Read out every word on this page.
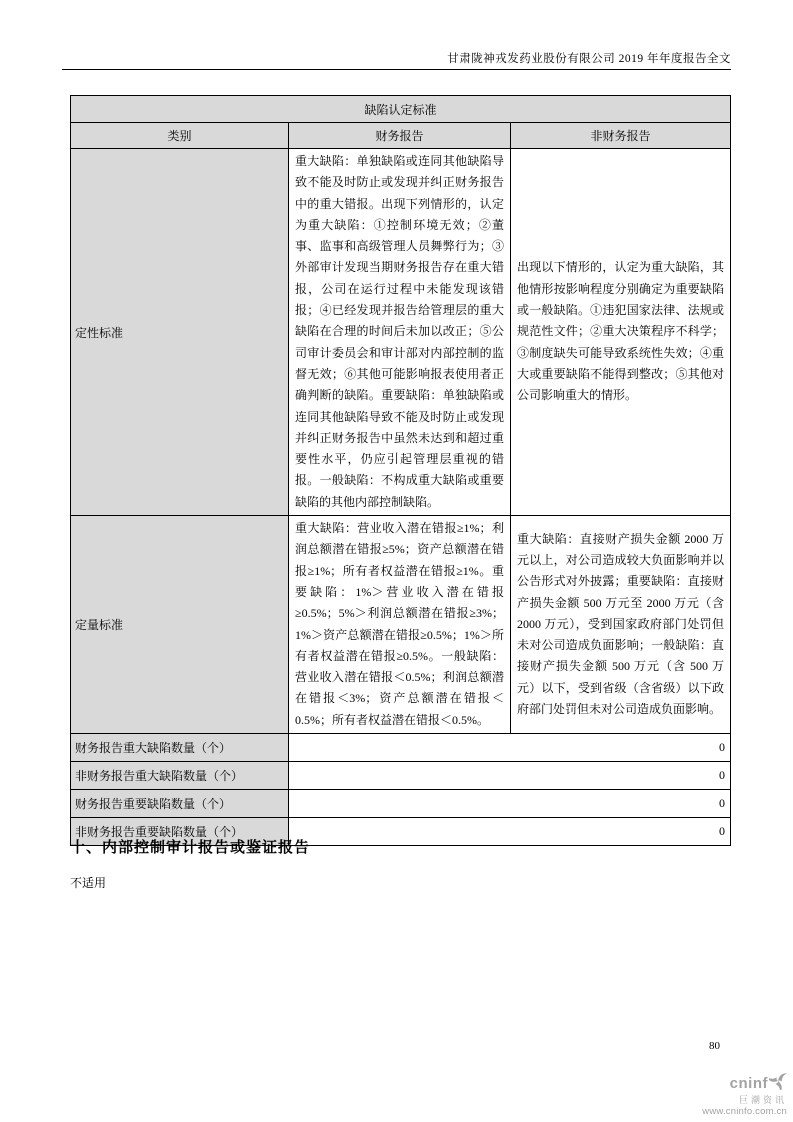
甘肃陇神戎发药业股份有限公司 2019 年年度报告全文
缺陷认定标准		
类别	财务报告	非财务报告
定性标准	重大缺陷：单独缺陷或连同其他缺陷导致不能及时防止或发现并纠正财务报告中的重大错报。出现下列情形的，认定为重大缺陷：①控制环境无效；②董事、监事和高级管理人员舞弊行为；③外部审计发现当期财务报告存在重大错报，公司在运行过程中未能发现该错报；④已经发现并报告给管理层的重大缺陷在合理的时间后未加以改正；⑤公司审计委员会和审计部对内部控制的监督无效；⑥其他可能影响报表使用者正确判断的缺陷。重要缺陷：单独缺陷或连同其他缺陷导致不能及时防止或发现并纠正财务报告中虽然未达到和超过重要性水平，仍应引起管理层重视的错报。一般缺陷：不构成重大缺陷或重要缺陷的其他内部控制缺陷。	出现以下情形的，认定为重大缺陷，其他情形按影响程度分别确定为重要缺陷或一般缺陷。①违犯国家法律、法规或规范性文件；②重大决策程序不科学；③制度缺失可能导致系统性失效；④重大或重要缺陷不能得到整改；⑤其他对公司影响重大的情形。
定量标准	重大缺陷：营业收入潜在错报≥1%；利润总额潜在错报≥5%；资产总额潜在错报≥1%；所有者权益潜在错报≥1%。重要缺陷：1%＞营业收入潜在错报≥0.5%；5%＞利润总额潜在错报≥3%；1%＞资产总额潜在错报≥0.5%；1%＞所有者权益潜在错报≥0.5%。一般缺陷：营业收入潜在错报＜0.5%；利润总额潜在错报＜3%；资产总额潜在错报＜0.5%；所有者权益潜在错报＜0.5%。	重大缺陷：直接财产损失金额 2000 万元以上，对公司造成较大负面影响并以公告形式对外披露；重要缺陷：直接财产损失金额 500 万元至 2000 万元（含 2000 万元），受到国家政府部门处罚但未对公司造成负面影响；一般缺陷：直接财产损失金额 500 万元（含 500 万元）以下，受到省级（含省级）以下政府部门处罚但未对公司造成负面影响。
财务报告重大缺陷数量（个）	0	
非财务报告重大缺陷数量（个）	0	
财务报告重要缺陷数量（个）	0	
非财务报告重要缺陷数量（个）	0	
十、内部控制审计报告或鉴证报告
不适用
80
cninf
巨潮资讯
www.cninfo.com.cn
